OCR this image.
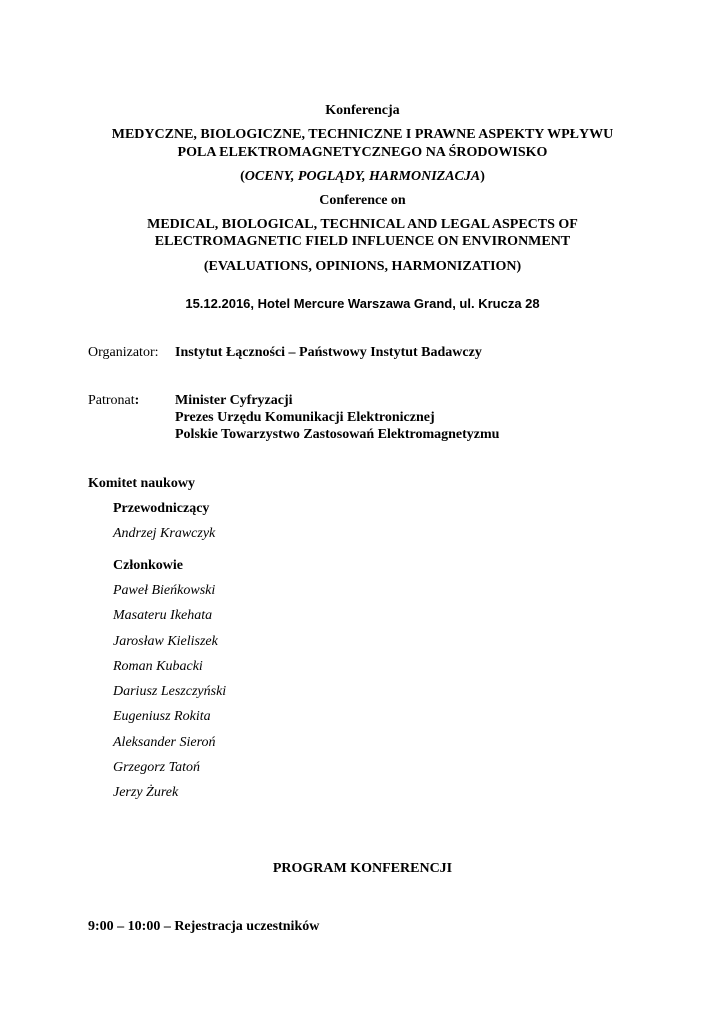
Konferencja
MEDYCZNE, BIOLOGICZNE, TECHNICZNE I PRAWNE ASPEKTY WPŁYWU
POLA ELEKTROMAGNETYCZNEGO NA ŚRODOWISKO
(OCENY, POGLĄDY, HARMONIZACJA)
Conference on
MEDICAL, BIOLOGICAL, TECHNICAL AND LEGAL ASPECTS OF
ELECTROMAGNETIC FIELD INFLUENCE ON ENVIRONMENT
(EVALUATIONS, OPINIONS, HARMONIZATION)
15.12.2016, Hotel Mercure Warszawa Grand, ul. Krucza 28
Organizator: Instytut Łączności – Państwowy Instytut Badawczy
Patronat:	Minister Cyfryzacji
Prezes Urzędu Komunikacji Elektronicznej
Polskie Towarzystwo Zastosowań Elektromagnetyzmu
Komitet naukowy
Przewodniczący
Andrzej Krawczyk
Członkowie
Paweł Bieńkowski
Masateru Ikehata
Jarosław Kieliszek
Roman Kubacki
Dariusz Leszczyński
Eugeniusz Rokita
Aleksander Sieroń
Grzegorz Tatoń
Jerzy Żurek
PROGRAM KONFERENCJI
9:00 – 10:00 – Rejestracja uczestników
